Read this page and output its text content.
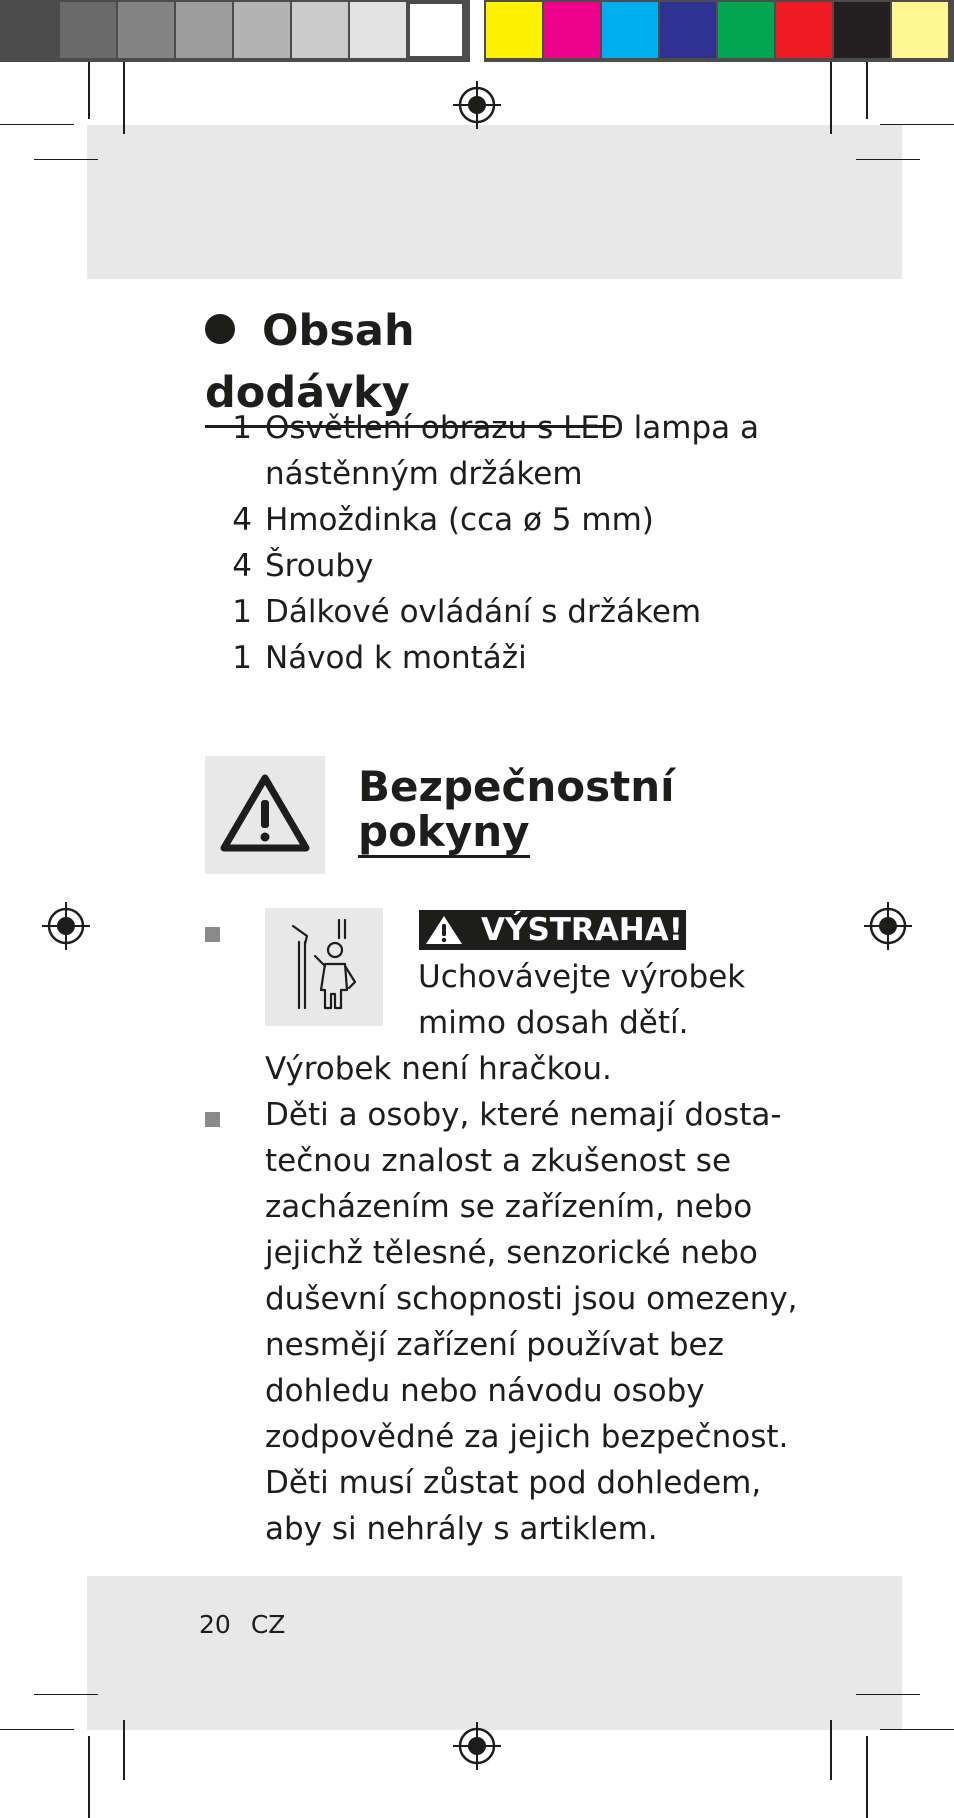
Obsah dodávky
1 Osvětlení obrazu s LED lampa a
nástěnným držákem
4 Hmoždinka (cca ø 5 mm)
4 Šrouby
1 Dálkové ovládání s držákem
1 Návod k montáži
Bezpečnostní
pokyny
VÝSTRAHA!
Uchovávejte výrobek
mimo dosah dětí.
Výrobek není hračkou.
Děti a osoby, které nemají dosta-
tečnou znalost a zkušenost se
zacházením se zařízením, nebo
jejichž tělesné, senzorické nebo
duševní schopnosti jsou omezeny,
nesmějí zařízení používat bez
dohledu nebo návodu osoby
zodpovědné za jejich bezpečnost.
Děti musí zůstat pod dohledem,
aby si nehrály s artiklem.
20 CZ
